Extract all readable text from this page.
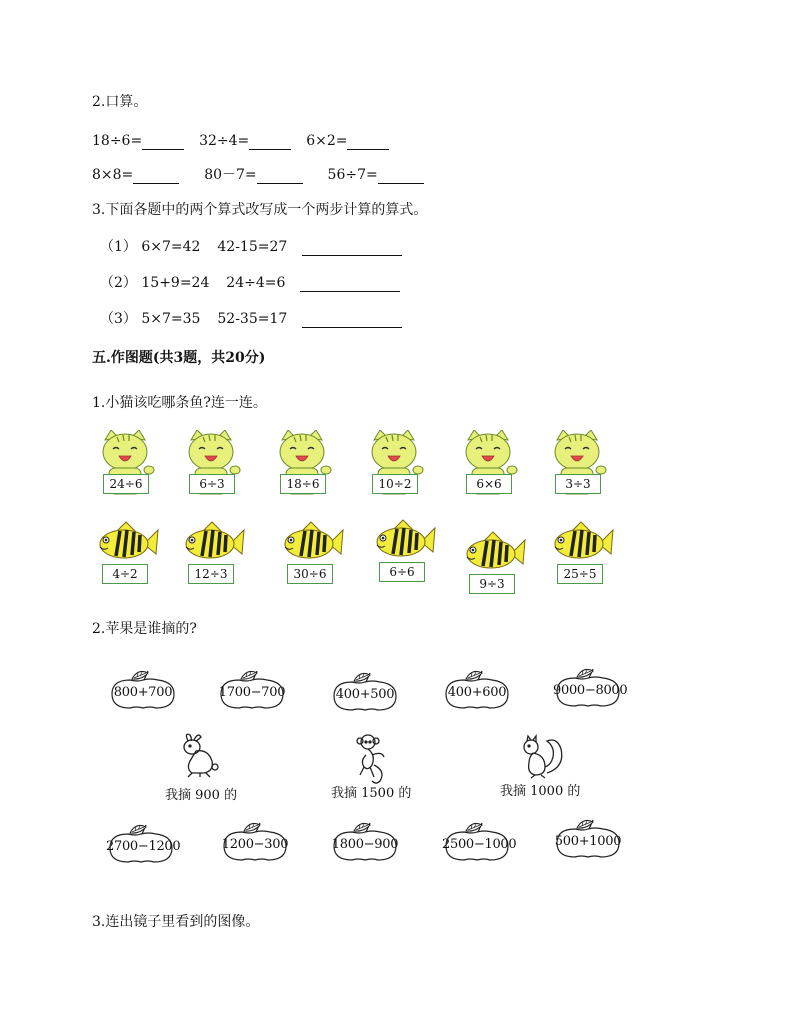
2.口算。
18÷6=	32÷4=	6×2=
8×8=	80－7=	56÷7=
3.下面各题中的两个算式改写成一个两步计算的算式。
（1） 6×7=42 42-15=27
（2） 15+9=24 24÷4=6
（3） 5×7=35 52-35=17
五.作图题(共3题，共20分)
1.小猫该吃哪条鱼?连一连。
24÷6	6÷3	18÷6	10÷2	6×6	3÷3
4÷2	12÷3	30÷6	6÷6
9÷3
25÷5
2.苹果是谁摘的?
800+700	1700−700	400+500	400+600	9000−8000
我摘 900 的	我摘 1500 的	我摘 1000 的
2700−1200	1200−300	1800−900	2500−1000	500+1000
3.连出镜子里看到的图像。
